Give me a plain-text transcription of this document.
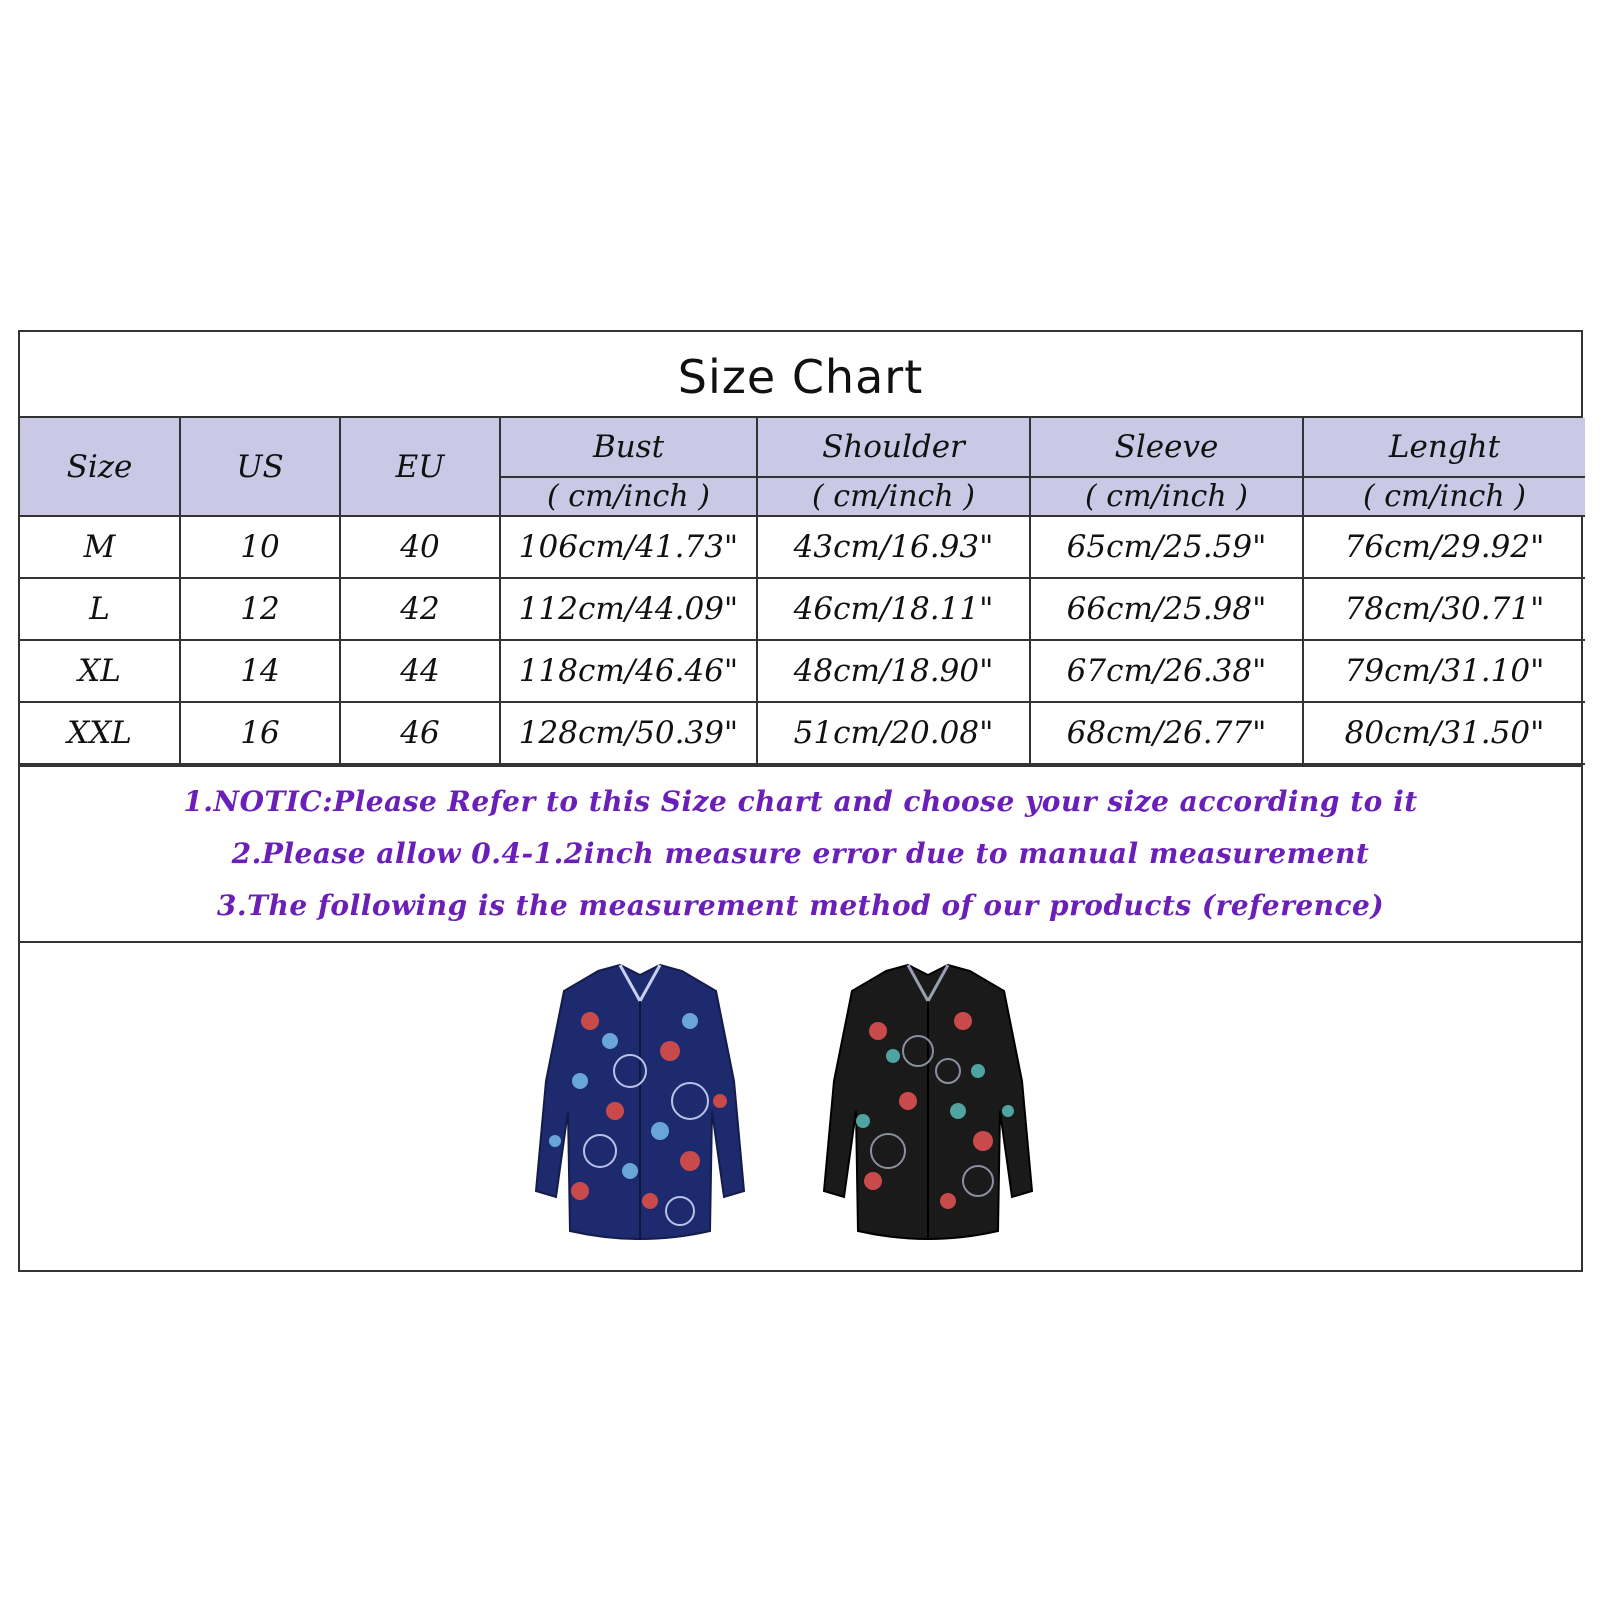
Size Chart
Size	US	EU	Bust	Shoulder	Sleeve	Lenght
			( cm/inch )	( cm/inch )	( cm/inch )	( cm/inch )
M	10	40	106cm/41.73"	43cm/16.93"	65cm/25.59"	76cm/29.92"
L	12	42	112cm/44.09"	46cm/18.11"	66cm/25.98"	78cm/30.71"
XL	14	44	118cm/46.46"	48cm/18.90"	67cm/26.38"	79cm/31.10"
XXL	16	46	128cm/50.39"	51cm/20.08"	68cm/26.77"	80cm/31.50"
1.NOTIC:Please Refer to this Size chart and choose your size according to it
2.Please allow 0.4-1.2inch measure error due to manual measurement
3.The following is the measurement method of our products (reference)
